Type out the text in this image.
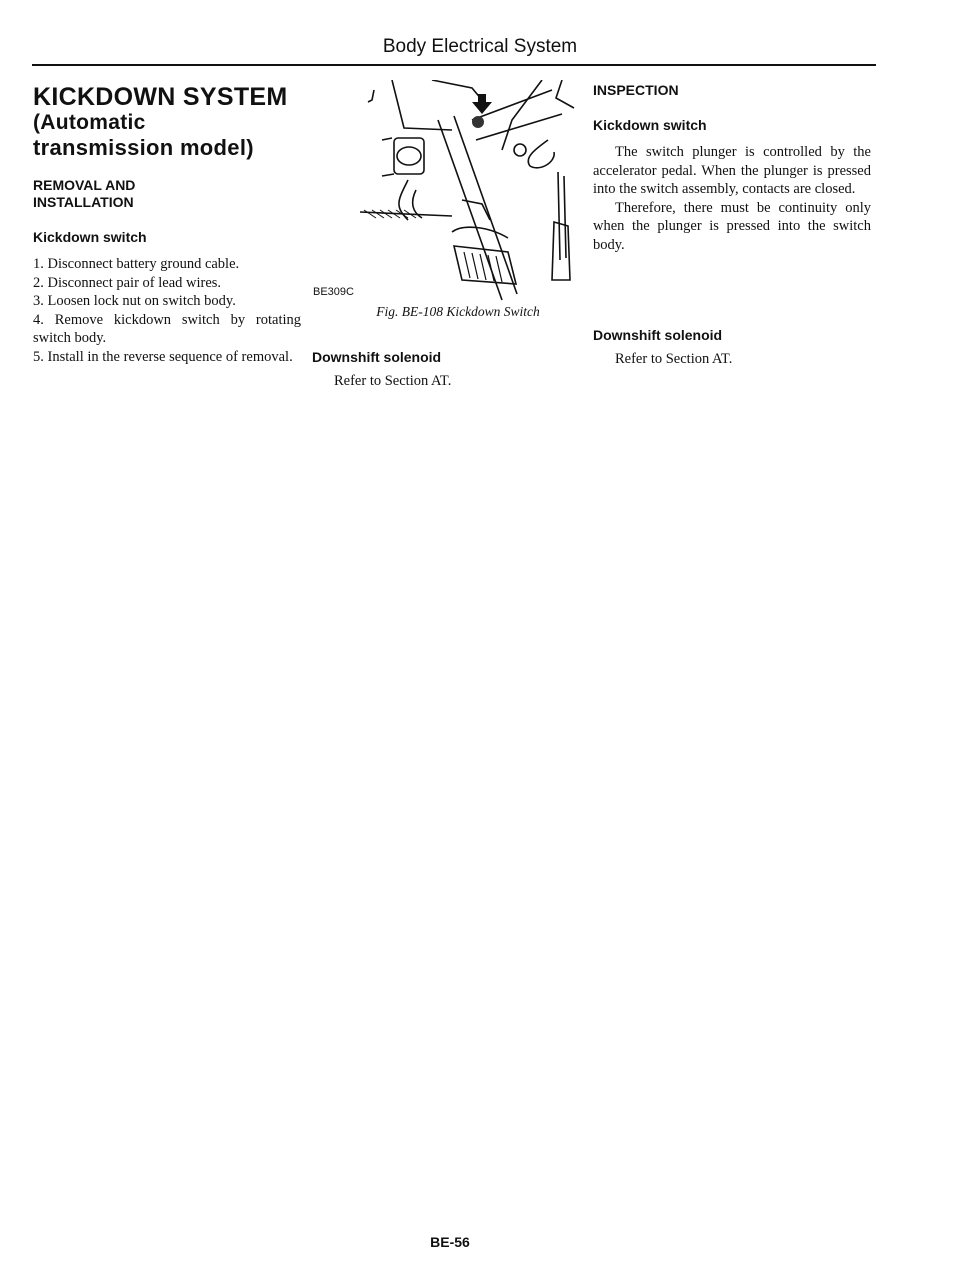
Body Electrical System
KICKDOWN SYSTEM
(Automatic
transmission model)
REMOVAL AND
INSTALLATION
Kickdown switch
1. Disconnect battery ground cable.
2. Disconnect pair of lead wires.
3. Loosen lock nut on switch body.
4. Remove kickdown switch by rotating switch body.
5. Install in the reverse sequence of removal.
BE309C
Fig. BE-108 Kickdown Switch
Downshift solenoid

Refer to Section AT.

INSPECTION
Kickdown switch

The switch plunger is controlled by the accelerator pedal. When the plunger is pressed into the switch assembly, contacts are closed.

Therefore, there must be continuity only when the plunger is pressed into the switch body.

Downshift solenoid

Refer to Section AT.

BE-56
